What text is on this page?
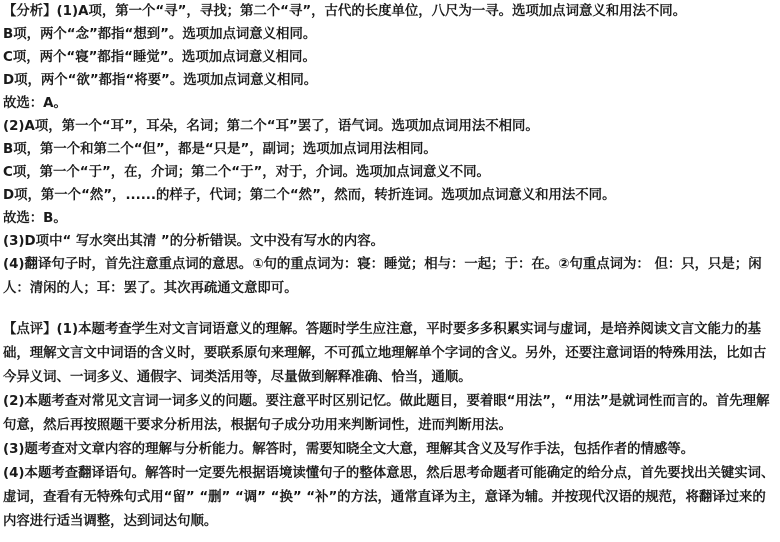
【分析】(1)A项，第一个“寻”，寻找；第二个“寻”，古代的长度单位，八尺为一寻。选项加点词意义和用法不同。
B项，两个“念”都指“想到”。选项加点词意义相同。
C项，两个“寝”都指“睡觉”。选项加点词意义相同。
D项，两个“欲”都指“将要”。选项加点词意义相同。
故选：A。
(2)A项，第一个“耳”，耳朵，名词；第二个“耳”罢了，语气词。选项加点词用法不相同。
B项，第一个和第二个“但”，都是“只是”，副词；选项加点词用法相同。
C项，第一个“于”，在，介词；第二个“于”，对于，介词。选项加点词意义不同。
D项，第一个“然”，......的样子，代词；第二个“然”，然而，转折连词。选项加点词意义和用法不同。
故选：B。
(3)D项中“ 写水突出其清 ”的分析错误。文中没有写水的内容。
(4)翻译句子时，首先注意重点词的意思。①句的重点词为：寝：睡觉；相与：一起；于：在。②句重点词为： 但：只，只是；闲人：清闲的人；耳：罢了。其次再疏通文意即可。
【点评】(1)本题考查学生对文言词语意义的理解。答题时学生应注意，平时要多多积累实词与虚词，是培养阅读文言文能力的基础，理解文言文中词语的含义时，要联系原句来理解，不可孤立地理解单个字词的含义。另外，还要注意词语的特殊用法，比如古今异义词、一词多义、通假字、词类活用等，尽量做到解释准确、恰当，通顺。
(2)本题考查对常见文言词一词多义的问题。要注意平时区别记忆。做此题目，要着眼“用法”，“用法”是就词性而言的。首先理解句意，然后再按照题干要求分析用法，根据句子成分功用来判断词性，进而判断用法。
(3)题考查对文章内容的理解与分析能力。解答时，需要知晓全文大意，理解其含义及写作手法，包括作者的情感等。
(4)本题考查翻译语句。解答时一定要先根据语境读懂句子的整体意思，然后思考命题者可能确定的给分点，首先要找出关键实词、虚词，查看有无特殊句式用“留” “删” “调” “换” “补”的方法，通常直译为主，意译为辅。并按现代汉语的规范，将翻译过来的内容进行适当调整，达到词达句顺。
